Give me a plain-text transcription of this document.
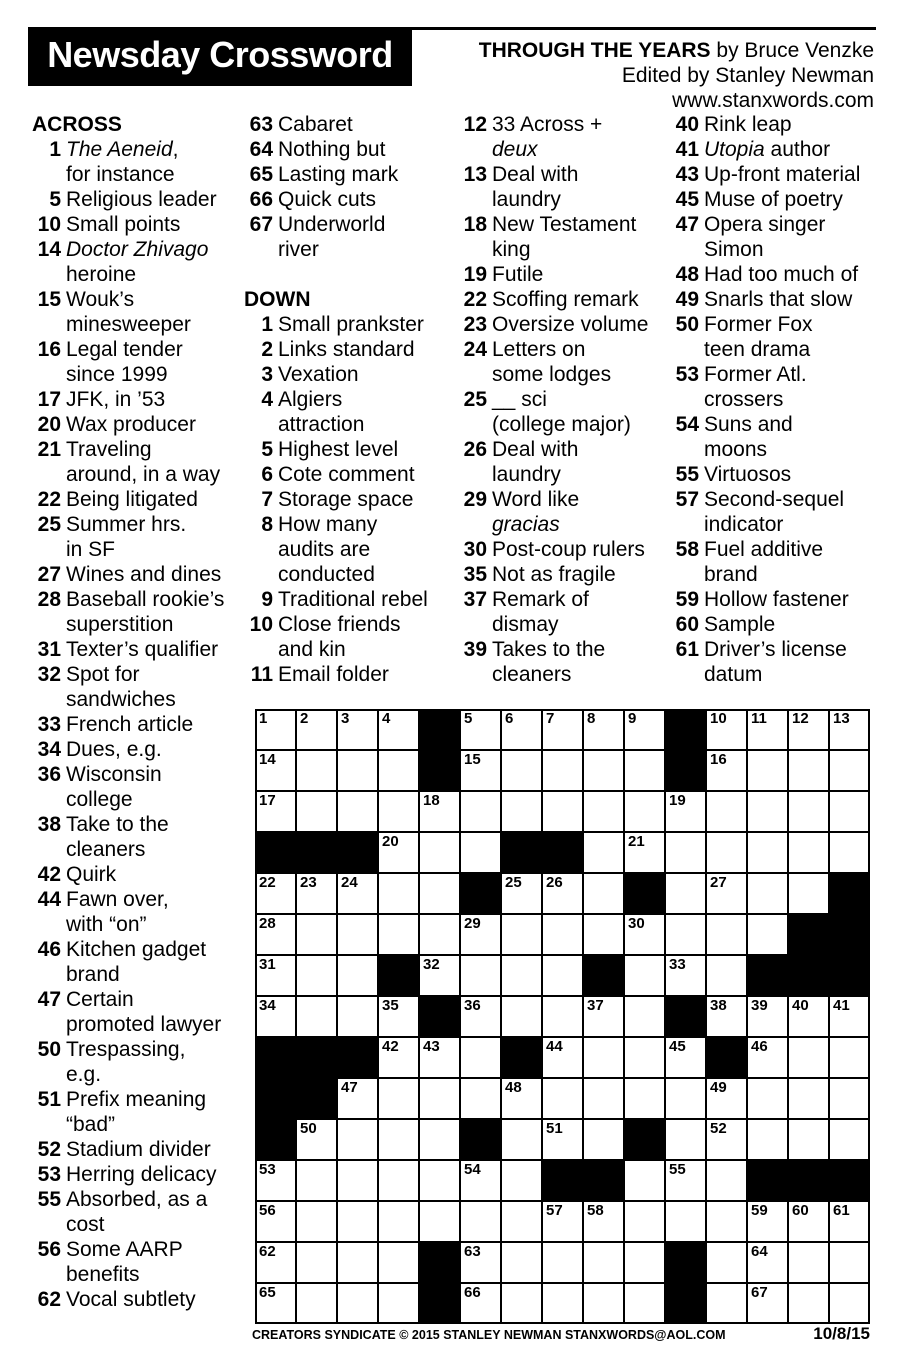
Newsday Crossword	THROUGH THE YEARS by Bruce Venzke
Edited by Stanley Newman
www.stanxwords.com
ACROSS
1 The Aeneid,
for instance
5 Religious leader
10 Small points
14 Doctor Zhivago
heroine
15 Wouk’s
minesweeper
16 Legal tender
since 1999
17 JFK, in ’53
20 Wax producer
21 Traveling
around, in a way
22 Being litigated
25 Summer hrs.
in SF
27 Wines and dines
28 Baseball rookie’s
superstition
31 Texter’s qualifier
32 Spot for
sandwiches
33 French article
34 Dues, e.g.
36 Wisconsin
college
38 Take to the
cleaners
42 Quirk
44 Fawn over,
with “on”
46 Kitchen gadget
brand
47 Certain
promoted lawyer
50 Trespassing,
e.g.
51 Prefix meaning
“bad”
52 Stadium divider
53 Herring delicacy
55 Absorbed, as a
cost
56 Some AARP
benefits
62 Vocal subtlety
63 Cabaret
64 Nothing but
65 Lasting mark
66 Quick cuts
67 Underworld
river
DOWN
1 Small prankster
2 Links standard
3 Vexation
4 Algiers
attraction
5 Highest level
6 Cote comment
7 Storage space
8 How many
audits are
conducted
9 Traditional rebel
10 Close friends
and kin
11 Email folder
12 33 Across +
deux
13 Deal with
laundry
18 New Testament
king
19 Futile
22 Scoffing remark
23 Oversize volume
24 Letters on
some lodges
25 __ sci
(college major)
26 Deal with
laundry
29 Word like
gracias
30 Post-coup rulers
35 Not as fragile
37 Remark of
dismay
39 Takes to the
cleaners
40 Rink leap
41 Utopia author
43 Up-front material
45 Muse of poetry
47 Opera singer
Simon
48 Had too much of
49 Snarls that slow
50 Former Fox
teen drama
53 Former Atl.
crossers
54 Suns and
moons
55 Virtuosos
57 Second-sequel
indicator
58 Fuel additive
brand
59 Hollow fastener
60 Sample
61 Driver’s license
datum
1 2 3 4	5 6 7 8 9	10 11 12 13
14	15	16
17	18	19
20	21
22 23 24	25 26	27
28	29	30
31	32	33
34	35	36	37	38 39 40 41
42 43	44	45	46
47	48	49
50	51	52
53	54	55
56	57 58	59 60 61
62	63	64
65	66	67
CREATORS SYNDICATE © 2015 STANLEY NEWMAN STANXWORDS@AOL.COM	10/8/15
